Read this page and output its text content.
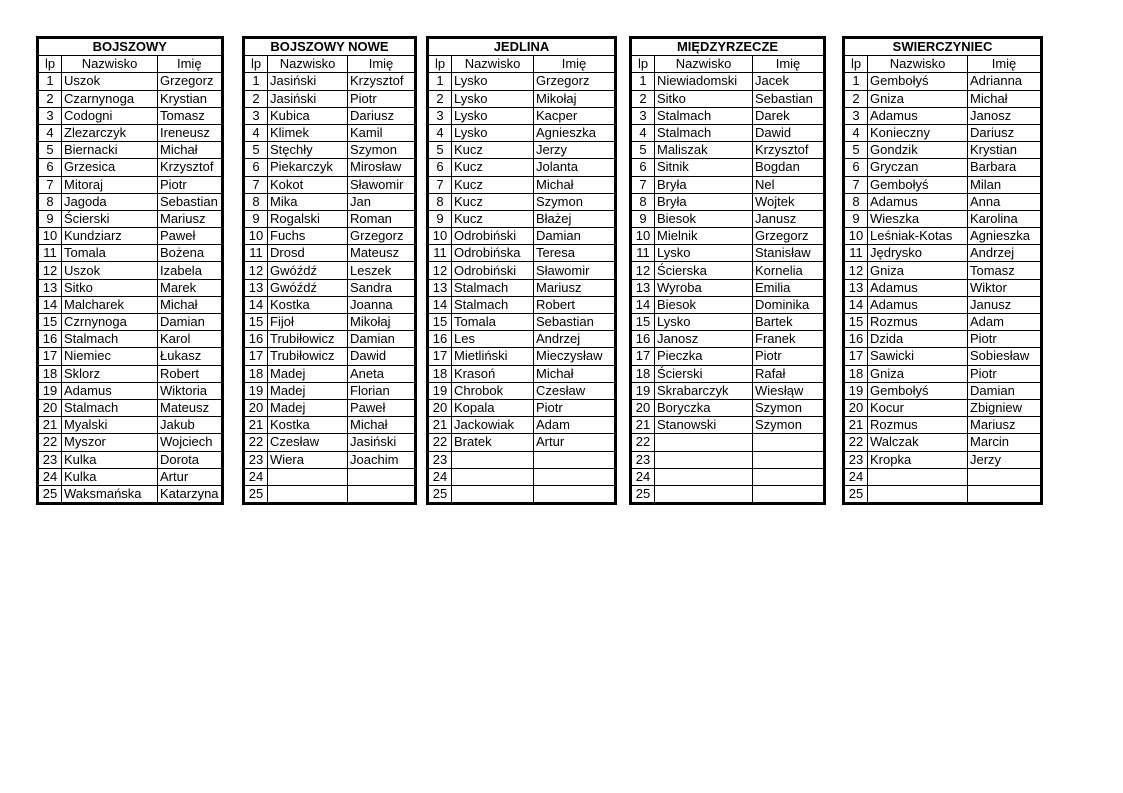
BOJSZOWY		
lp	Nazwisko	Imię
1	Uszok	Grzegorz
2	Czarnynoga	Krystian
3	Codogni	Tomasz
4	Zlezarczyk	Ireneusz
5	Biernacki	Michał
6	Grzesica	Krzysztof
7	Mitoraj	Piotr
8	Jagoda	Sebastian
9	Ścierski	Mariusz
10	Kundziarz	Paweł
11	Tomala	Bożena
12	Uszok	Izabela
13	Sitko	Marek
14	Malcharek	Michał
15	Czrnynoga	Damian
16	Stalmach	Karol
17	Niemiec	Łukasz
18	Sklorz	Robert
19	Adamus	Wiktoria
20	Stalmach	Mateusz
21	Myalski	Jakub
22	Myszor	Wojciech
23	Kulka	Dorota
24	Kulka	Artur
25	Waksmańska	Katarzyna
BOJSZOWY NOWE		
lp	Nazwisko	Imię
1	Jasiński	Krzysztof
2	Jasiński	Piotr
3	Kubica	Dariusz
4	Klimek	Kamil
5	Stęchły	Szymon
6	Piekarczyk	Mirosław
7	Kokot	Sławomir
8	Mika	Jan
9	Rogalski	Roman
10	Fuchs	Grzegorz
11	Drosd	Mateusz
12	Gwóźdź	Leszek
13	Gwóźdź	Sandra
14	Kostka	Joanna
15	Fijoł	Mikołaj
16	Trubiłowicz	Damian
17	Trubiłowicz	Dawid
18	Madej	Aneta
19	Madej	Florian
20	Madej	Paweł
21	Kostka	Michał
22	Czesław	Jasiński
23	Wiera	Joachim
24		
25		
JEDLINA		
lp	Nazwisko	Imię
1	Lysko	Grzegorz
2	Lysko	Mikołaj
3	Lysko	Kacper
4	Lysko	Agnieszka
5	Kucz	Jerzy
6	Kucz	Jolanta
7	Kucz	Michał
8	Kucz	Szymon
9	Kucz	Błażej
10	Odrobiński	Damian
11	Odrobińska	Teresa
12	Odrobiński	Sławomir
13	Stalmach	Mariusz
14	Stalmach	Robert
15	Tomala	Sebastian
16	Les	Andrzej
17	Mietliński	Mieczysław
18	Krasoń	Michał
19	Chrobok	Czesław
20	Kopala	Piotr
21	Jackowiak	Adam
22	Bratek	Artur
23		
24		
25		
MIĘDZYRZECZE		
lp	Nazwisko	Imię
1	Niewiadomski	Jacek
2	Sitko	Sebastian
3	Stalmach	Darek
4	Stalmach	Dawid
5	Maliszak	Krzysztof
6	Sitnik	Bogdan
7	Bryła	Nel
8	Bryła	Wojtek
9	Biesok	Janusz
10	Mielnik	Grzegorz
11	Lysko	Stanisław
12	Ścierska	Kornelia
13	Wyroba	Emilia
14	Biesok	Dominika
15	Lysko	Bartek
16	Janosz	Franek
17	Pieczka	Piotr
18	Ścierski	Rafał
19	Skrabarczyk	Wiesłąw
20	Boryczka	Szymon
21	Stanowski	Szymon
22		
23		
24		
25		
SWIERCZYNIEC		
lp	Nazwisko	Imię
1	Gembołyś	Adrianna
2	Gniza	Michał
3	Adamus	Janosz
4	Konieczny	Dariusz
5	Gondzik	Krystian
6	Gryczan	Barbara
7	Gembołyś	Milan
8	Adamus	Anna
9	Wieszka	Karolina
10	Leśniak-Kotas	Agnieszka
11	Jędrysko	Andrzej
12	Gniza	Tomasz
13	Adamus	Wiktor
14	Adamus	Janusz
15	Rozmus	Adam
16	Dzida	Piotr
17	Sawicki	Sobiesław
18	Gniza	Piotr
19	Gembołyś	Damian
20	Kocur	Zbigniew
21	Rozmus	Mariusz
22	Walczak	Marcin
23	Kropka	Jerzy
24		
25		
